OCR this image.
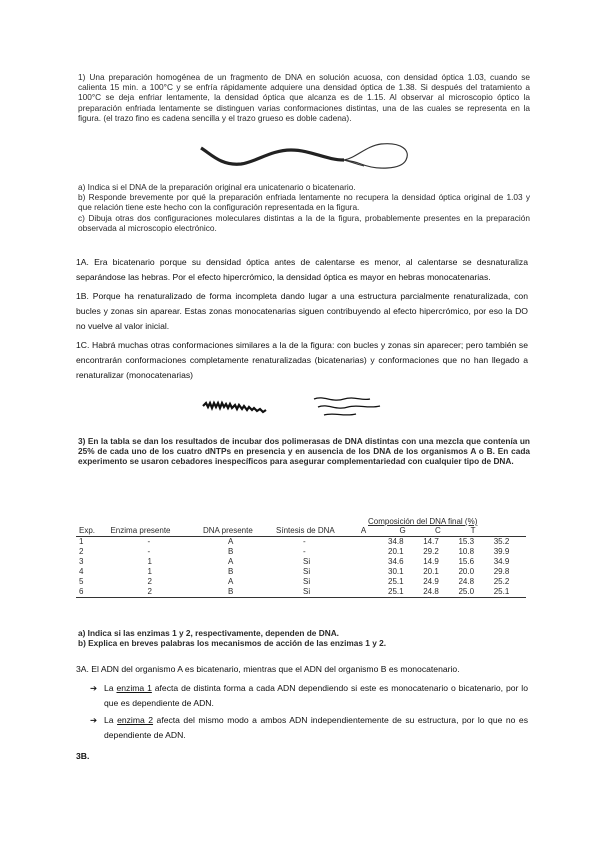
1) Una preparación homogénea de un fragmento de DNA en solución acuosa, con densidad óptica 1.03, cuando se calienta 15 min. a 100°C y se enfría rápidamente adquiere una densidad óptica de 1.38. Si después del tratamiento a 100°C se deja enfriar lentamente, la densidad óptica que alcanza es de 1.15. Al observar al microscopio óptico la preparación enfriada lentamente se distinguen varias conformaciones distintas, una de las cuales se representa en la figura. (el trazo fino es cadena sencilla y el trazo grueso es doble cadena).

a) Indica si el DNA de la preparación original era unicatenario o bicatenario.

b) Responde brevemente por qué la preparación enfriada lentamente no recupera la densidad óptica original de 1.03 y que relación tiene este hecho con la configuración representada en la figura.

c) Dibuja otras dos configuraciones moleculares distintas a la de la figura, probablemente presentes en la preparación observada al microscopio electrónico.

1A. Era bicatenario porque su densidad óptica antes de calentarse es menor, al calentarse se desnaturaliza separándose las hebras. Por el efecto hipercrómico, la densidad óptica es mayor en hebras monocatenarias.

1B. Porque ha renaturalizado de forma incompleta dando lugar a una estructura parcialmente renaturalizada, con bucles y zonas sin aparear. Estas zonas monocatenarias siguen contribuyendo al efecto hipercrómico, por eso la DO no vuelve al valor inicial.

1C. Habrá muchas otras conformaciones similares a la de la figura: con bucles y zonas sin aparecer; pero también se encontrarán conformaciones completamente renaturalizadas (bicatenarias) y conformaciones que no han llegado a renaturalizar (monocatenarias)

3) En la tabla se dan los resultados de incubar dos polimerasas de DNA distintas con una mezcla que contenía un 25% de cada uno de los cuatro dNTPs en presencia y en ausencia de los DNA de los organismos A o B. En cada experimento se usaron cebadores inespecíficos para asegurar complementariedad con cualquier tipo de DNA.

Composición del DNA final (%)
Exp.	Enzima presente	DNA presente	Síntesis de DNA	A	G	C	T	
1	-	A	-		34.8	14.7	15.3	35.2
2	-	B	-		20.1	29.2	10.8	39.9
3	1	A	Si		34.6	14.9	15.6	34.9
4	1	B	Si		30.1	20.1	20.0	29.8
5	2	A	Si		25.1	24.9	24.8	25.2
6	2	B	Si		25.1	24.8	25.0	25.1

a) Indica si las enzimas 1 y 2, respectivamente, dependen de DNA.

b) Explica en breves palabras los mecanismos de acción de las enzimas 1 y 2.

3A. El ADN del organismo A es bicatenario, mientras que el ADN del organismo B es monocatenario.

➔ La enzima 1 afecta de distinta forma a cada ADN dependiendo si este es monocatenario o bicatenario, por lo que es dependiente de ADN.
➔ La enzima 2 afecta del mismo modo a ambos ADN independientemente de su estructura, por lo que no es dependiente de ADN.

3B.
